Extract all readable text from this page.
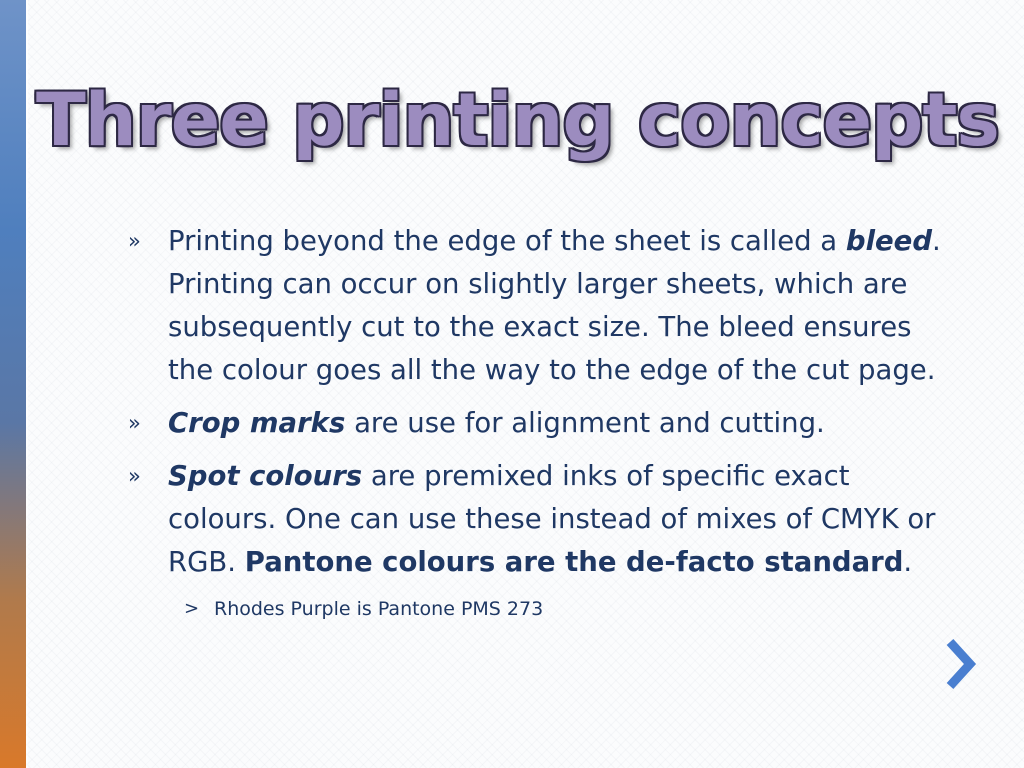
Three printing concepts
» Printing beyond the edge of the sheet is called a bleed. Printing can occur on slightly larger sheets, which are subsequently cut to the exact size. The bleed ensures the colour goes all the way to the edge of the cut page.
» Crop marks are use for alignment and cutting.
» Spot colours are premixed inks of specific exact colours. One can use these instead of mixes of CMYK or RGB. Pantone colours are the de-facto standard.
> Rhodes Purple is Pantone PMS 273
